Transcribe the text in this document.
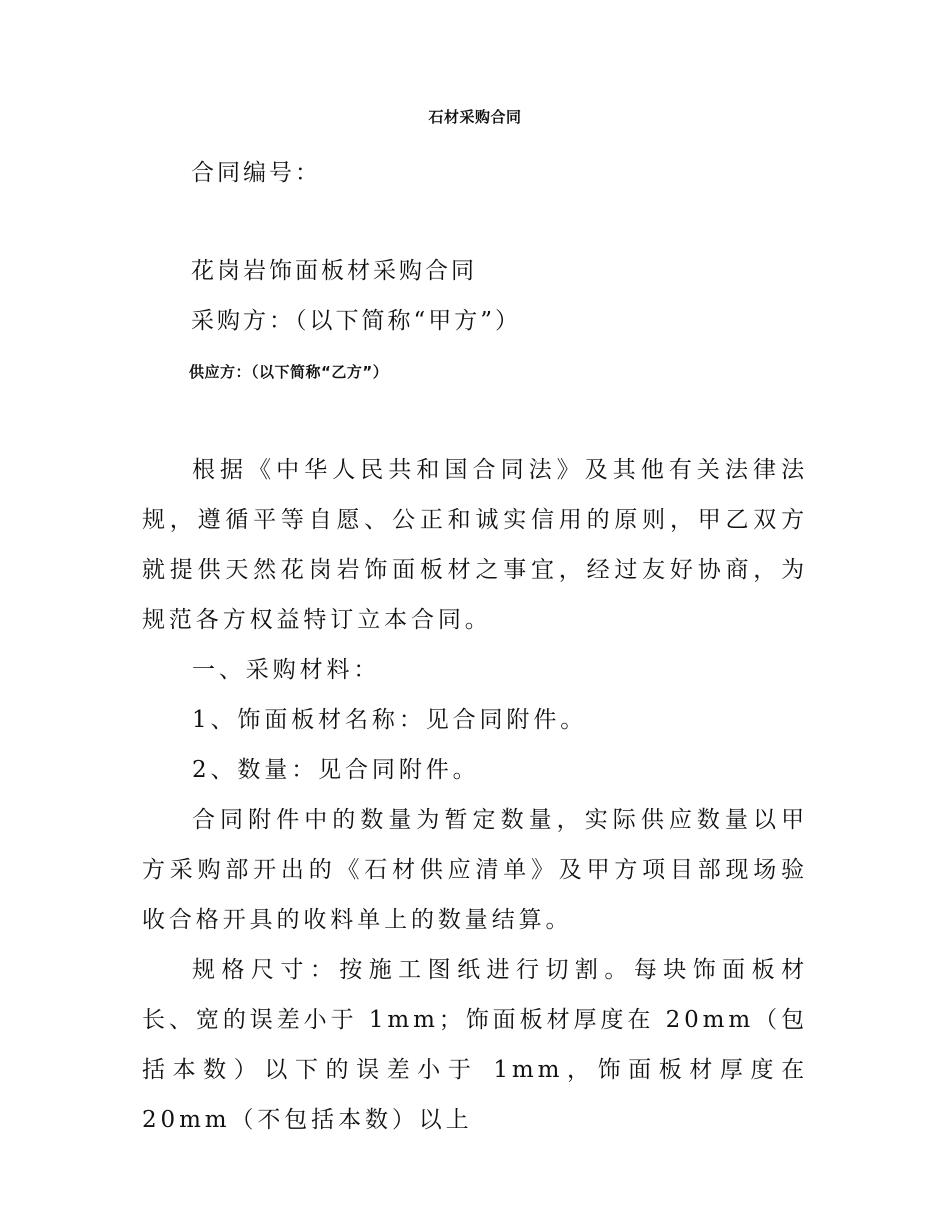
石材采购合同
合同编号：
花岗岩饰面板材采购合同
采购方：（以下简称“甲方”）
供应方：（以下简称“乙方”）
根据《中华人民共和国合同法》及其他有关法律法规，遵循平等自愿、公正和诚实信用的原则，甲乙双方就提供天然花岗岩饰面板材之事宜，经过友好协商，为规范各方权益特订立本合同。
一、采购材料：
1、饰面板材名称：见合同附件。
2、数量：见合同附件。
合同附件中的数量为暂定数量，实际供应数量以甲方采购部开出的《石材供应清单》及甲方项目部现场验收合格开具的收料单上的数量结算。
规格尺寸：按施工图纸进行切割。每块饰面板材长、宽的误差小于 1mm；饰面板材厚度在 20mm（包括本数）以下的误差小于 1mm，饰面板材厚度在 20mm（不包括本数）以上
